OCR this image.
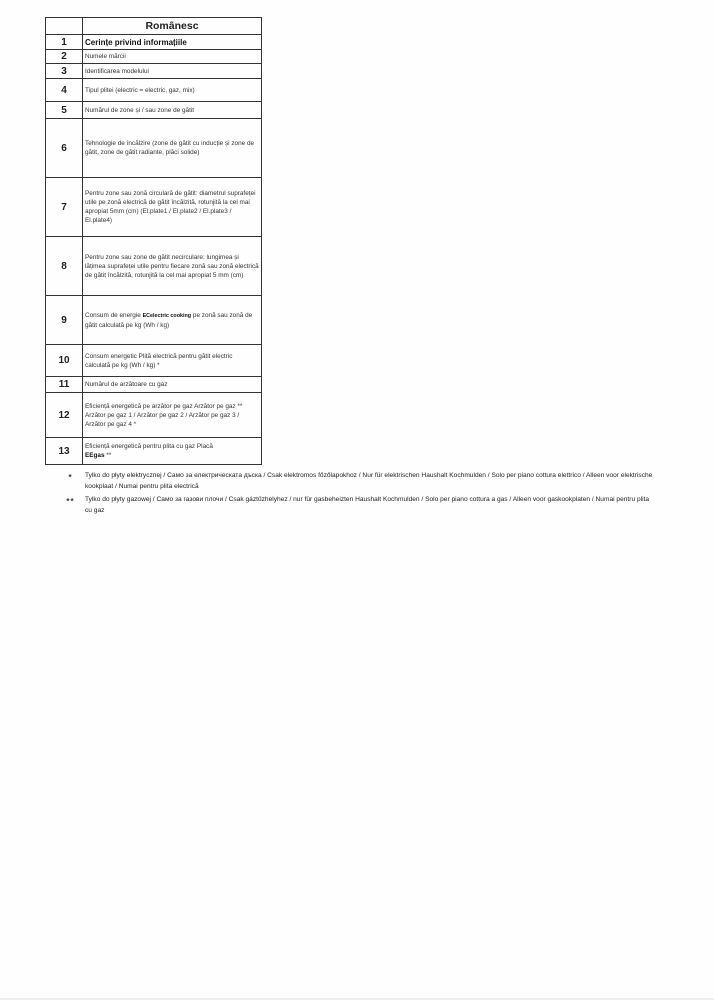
	Românesc
1	Cerințe privind informațiile
2	Numele mărcii
3	Identificarea modelului
4	Tipul plitei (electric = electric, gaz, mix)
5	Numărul de zone și / sau zone de gătit
6	Tehnologie de încălzire (zone de gătit cu inducție și zone de gătit, zone de gătit radiante, plăci solide)
7	Pentru zone sau zonă circulară de gătit: diametrul suprafeței utile pe zonă electrică de gătit încălzită, rotunjită la cel mai apropiat 5mm (cm) (El.plate1 / El.plate2 / El.plate3 / El.plate4)
8	Pentru zone sau zone de gătit necirculare: lungimea și lățimea suprafeței utile pentru fiecare zonă sau zonă electrică de gătit încălzită, rotunjită la cel mai apropiat 5 mm (cm)
9	Consum de energie ECelectric cooking pe zonă sau zonă de gătit calculată pe kg (Wh / kg)
10	Consum energetic Plită electrică pentru gătit electric calculată pe kg (Wh / kg) *
11	Numărul de arzătoare cu gaz
12	Eficiență energetică pe arzător pe gaz Arzător pe gaz **
Arzător pe gaz 1 / Arzător pe gaz 2 / Arzător pe gaz 3 / Arzător pe gaz 4 *

13	Eficiență energetică pentru plita cu gaz Placă
EEgas **
*	Tylko do płyty elektrycznej / Само за електрическата дъска / Csak elektromos főzőlapokhoz / Nur für elektrischen Haushalt Kochmulden / Solo per piano cottura elettrico / Alleen voor elektrische kookplaat / Numai pentru plita electrică
**	Tylko do płyty gazowej / Само за газови плочи / Csak gáztűzhelyhez / nur für gasbeheizten Haushalt Kochmulden / Solo per piano cottura a gas / Alleen voor gaskookplaten / Numai pentru plita cu gaz
